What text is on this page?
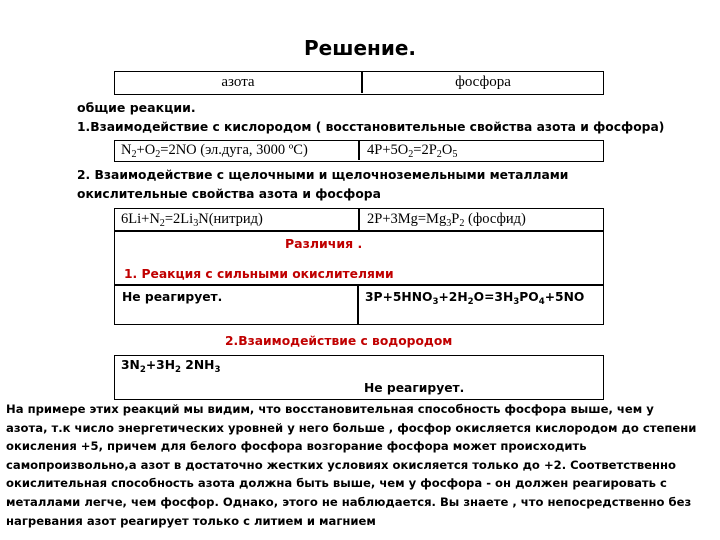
Решение.
азота	фосфора
общие реакции.
1.Взаимодействие с кислородом ( восстановительные свойства азота и фосфора)
$N_2+O_2=2NO$ (эл.дуга, 3000 ºC)	$4P+5O_2=2P_2O_5$
2. Взаимодействие с щелочными и щелочноземельными металлами
окислительные свойства азота и фосфора
$6Li+N_2=2Li_3N(нитрид)$	$2P+3Mg=Mg_3P_2$ (фосфид)
Различия .
1. Реакция с сильными окислителями
Не реагирует.	$3P+5HNO_3+2H_2O=3H_3PO_4+5NO$
2.Взаимодействие с водородом
$3N_2+3H_2$ $2NH_3$
Не реагирует.
На примере этих реакций мы видим, что восстановительная способность фосфора выше, чем у
азота, т.к число энергетических уровней у него больше , фосфор окисляется кислородом до степени
окисления +5, причем для белого фосфора возгорание фосфора может происходить
самопроизвольно,а азот в достаточно жестких условиях окисляется только до +2. Соответственно
окислительная способность азота должна быть выше, чем у фосфора - он должен реагировать с
металлами легче, чем фосфор. Однако, этого не наблюдается. Вы знаете , что непосредственно без
нагревания азот реагирует только с литием и магнием
